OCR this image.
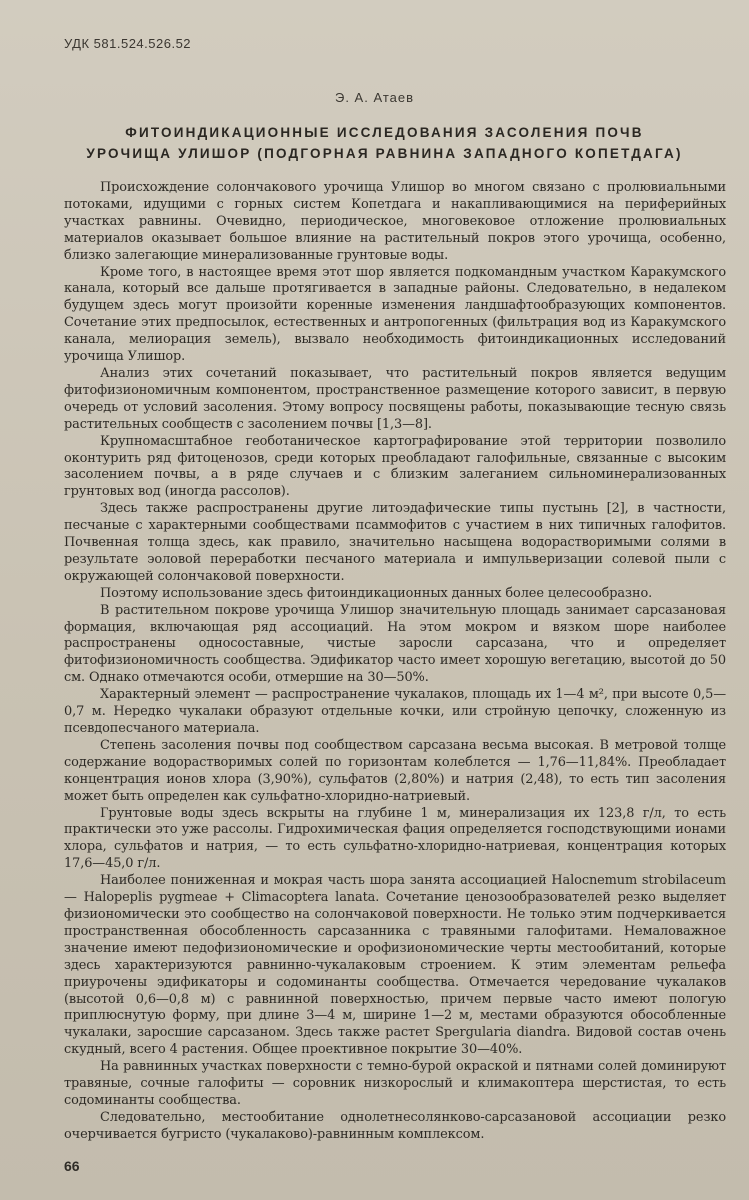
УДК 581.524.526.52
Э. А. Атаев
ФИТОИНДИКАЦИОННЫЕ ИССЛЕДОВАНИЯ ЗАСОЛЕНИЯ ПОЧВ
УРОЧИЩА УЛИШОР (ПОДГОРНАЯ РАВНИНА ЗАПАДНОГО КОПЕТДАГА)

Происхождение солончакового урочища Улишор во многом связано с пролювиальными потоками, идущими с горных систем Копетдага и накапливающимися на периферийных участках равнины. Очевидно, периодическое, многовековое отложение пролювиальных материалов оказывает большое влияние на растительный покров этого урочища, особенно, близко залегающие минерализованные грунтовые воды.

Кроме того, в настоящее время этот шор является подкомандным участком Каракумского канала, который все дальше протягивается в западные районы. Следовательно, в недалеком будущем здесь могут произойти коренные изменения ландшафтообразующих компонентов. Сочетание этих предпосылок, естественных и антропогенных (фильтрация вод из Каракумского канала, мелиорация земель), вызвало необходимость фитоиндикационных исследований урочища Улишор.

Анализ этих сочетаний показывает, что растительный покров является ведущим фитофизиономичным компонентом, пространственное размещение которого зависит, в первую очередь от условий засоления. Этому вопросу посвящены работы, показывающие тесную связь растительных сообществ с засолением почвы [1,3—8].

Крупномасштабное геоботаническое картографирование этой территории позволило оконтурить ряд фитоценозов, среди которых преобладают галофильные, связанные с высоким засолением почвы, а в ряде случаев и с близким залеганием сильноминерализованных грунтовых вод (иногда рассолов).

Здесь также распространены другие литоэдафические типы пустынь [2], в частности, песчаные с характерными сообществами псаммофитов с участием в них типичных галофитов. Почвенная толща здесь, как правило, значительно насыщена водорастворимыми солями в результате эоловой переработки песчаного материала и импульверизации солевой пыли с окружающей солончаковой поверхности.

Поэтому использование здесь фитоиндикационных данных более целесообразно.

В растительном покрове урочища Улишор значительную площадь занимает сарсазановая формация, включающая ряд ассоциаций. На этом мокром и вязком шоре наиболее распространены односоставные, чистые заросли сарсазана, что и определяет фитофизиономичность сообщества. Эдификатор часто имеет хорошую вегетацию, высотой до 50 см. Однако отмечаются особи, отмершие на 30—50%.

Характерный элемент — распространение чукалаков, площадь их 1—4 м², при высоте 0,5—0,7 м. Нередко чукалаки образуют отдельные кочки, или стройную цепочку, сложенную из псевдопесчаного материала.

Степень засоления почвы под сообществом сарсазана весьма высокая. В метровой толще содержание водорастворимых солей по горизонтам колеблется — 1,76—11,84%. Преобладает концентрация ионов хлора (3,90%), сульфатов (2,80%) и натрия (2,48), то есть тип засоления может быть определен как сульфатно-хлоридно-натриевый.

Грунтовые воды здесь вскрыты на глубине 1 м, минерализация их 123,8 г/л, то есть практически это уже рассолы. Гидрохимическая фация определяется господствующими ионами хлора, сульфатов и натрия, — то есть сульфатно-хлоридно-натриевая, концентрация которых 17,6—45,0 г/л.

Наиболее пониженная и мокрая часть шора занята ассоциацией Halocnemum strobilaceum — Halopeplis pygmeae + Climacoptera lanata. Сочетание ценозообразователей резко выделяет физиономически это сообщество на солончаковой поверхности. Не только этим подчеркивается пространственная обособленность сарсазанника с травяными галофитами. Немаловажное значение имеют педофизиономические и орофизиономические черты местообитаний, которые здесь характеризуются равнинно-чукалаковым строением. К этим элементам рельефа приурочены эдификаторы и содоминанты сообщества. Отмечается чередование чукалаков (высотой 0,6—0,8 м) с равнинной поверхностью, причем первые часто имеют пологую приплюснутую форму, при длине 3—4 м, ширине 1—2 м, местами образуются обособленные чукалаки, заросшие сарсазаном. Здесь также растет Spergularia diandra. Видовой состав очень скудный, всего 4 растения. Общее проективное покрытие 30—40%.

На равнинных участках поверхности с темно-бурой окраской и пятнами солей доминируют травяные, сочные галофиты — соровник низкорослый и климакоптера шерстистая, то есть содоминанты сообщества.

Следовательно, местообитание однолетнесолянково-сарсазановой ассоциации резко очерчивается бугристо (чукалаково)-равнинным комплексом.

66
